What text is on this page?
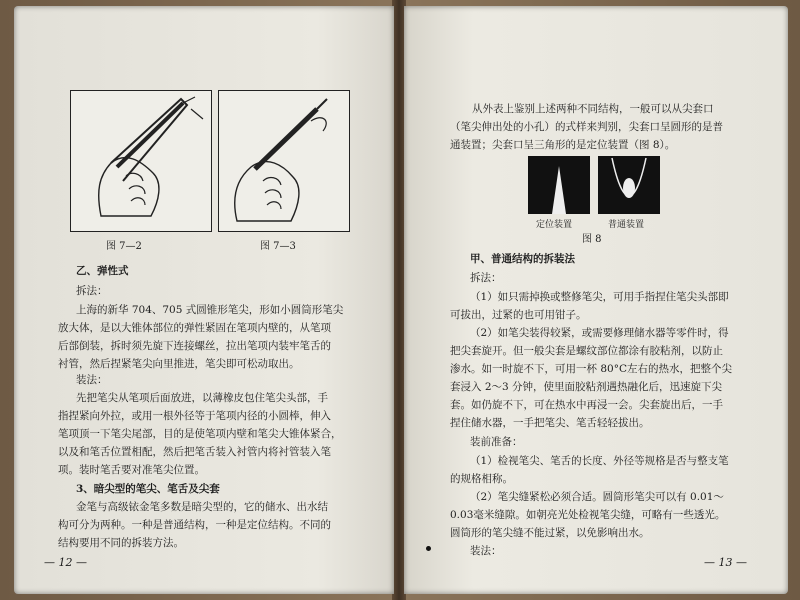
图 7—2	图 7—3
乙、弹性式
拆法：
上海的新华 704、705 式圆锥形笔尖，形如小圆筒形笔尖
放大体，是以大锥体部位的弹性紧固在笔项内壁的，从笔项
后部倒装，拆时须先旋下连接螺丝，拉出笔项内装牢笔舌的
衬管，然后捏紧笔尖向里推进，笔尖即可松动取出。
装法：
先把笔尖从笔项后面放进，以薄橡皮包住笔尖头部，手
指捏紧向外拉，或用一根外径等于笔项内径的小圆棒，伸入
笔项顶一下笔尖尾部，目的是使笔项内壁和笔尖大锥体紧合，
以及和笔舌位置相配，然后把笔舌装入衬管内将衬管装入笔
项。装时笔舌要对准笔尖位置。
3、暗尖型的笔尖、笔舌及尖套
金笔与高级铱金笔多数是暗尖型的，它的储水、出水结
构可分为两种。一种是普通结构，一种是定位结构。不同的
结构要用不同的拆装方法。
— 12 —
从外表上鉴别上述两种不同结构，一般可以从尖套口
（笔尖伸出处的小孔）的式样来判别，尖套口呈圆形的是普
通装置；尖套口呈三角形的是定位装置（图 8）。
定位装置	普通装置
图 8
甲、普通结构的拆装法
拆法：
（1）如只需掉换或整修笔尖，可用手指捏住笔尖头部即
可拔出，过紧的也可用钳子。
（2）如笔尖装得较紧，或需要修理储水器等零件时，得
把尖套旋开。但一般尖套是螺纹部位都涂有胶粘剂，以防止
渗水。如一时旋不下，可用一杯 80°C左右的热水，把整个尖
套浸入 2～3 分钟，使里面胶粘剂遇热融化后，迅速旋下尖
套。如仍旋不下，可在热水中再浸一会。尖套旋出后，一手
捏住储水器，一手把笔尖、笔舌轻轻拔出。
装前准备：
（1）检视笔尖、笔舌的长度、外径等规格是否与整支笔
的规格相称。
（2）笔尖缝紧松必须合适。圆筒形笔尖可以有 0.01～
0.03毫米缝隙。如朝亮光处检视笔尖缝，可略有一些透光。
圆筒形的笔尖缝不能过紧，以免影响出水。
装法：
— 13 —
